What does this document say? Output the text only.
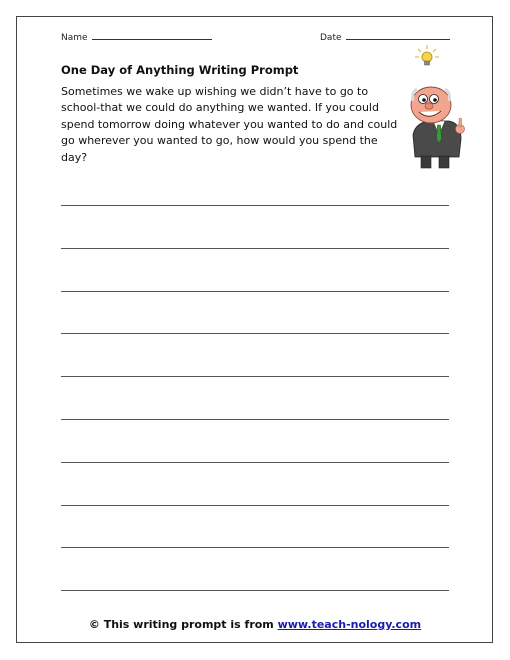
Name	Date
One Day of Anything Writing Prompt
Sometimes we wake up wishing we didn’t have to go to school-that we could do anything we wanted. If you could spend tomorrow doing whatever you wanted to do and could go wherever you wanted to go, how would you spend the day?
© This writing prompt is from www.teach-nology.com
